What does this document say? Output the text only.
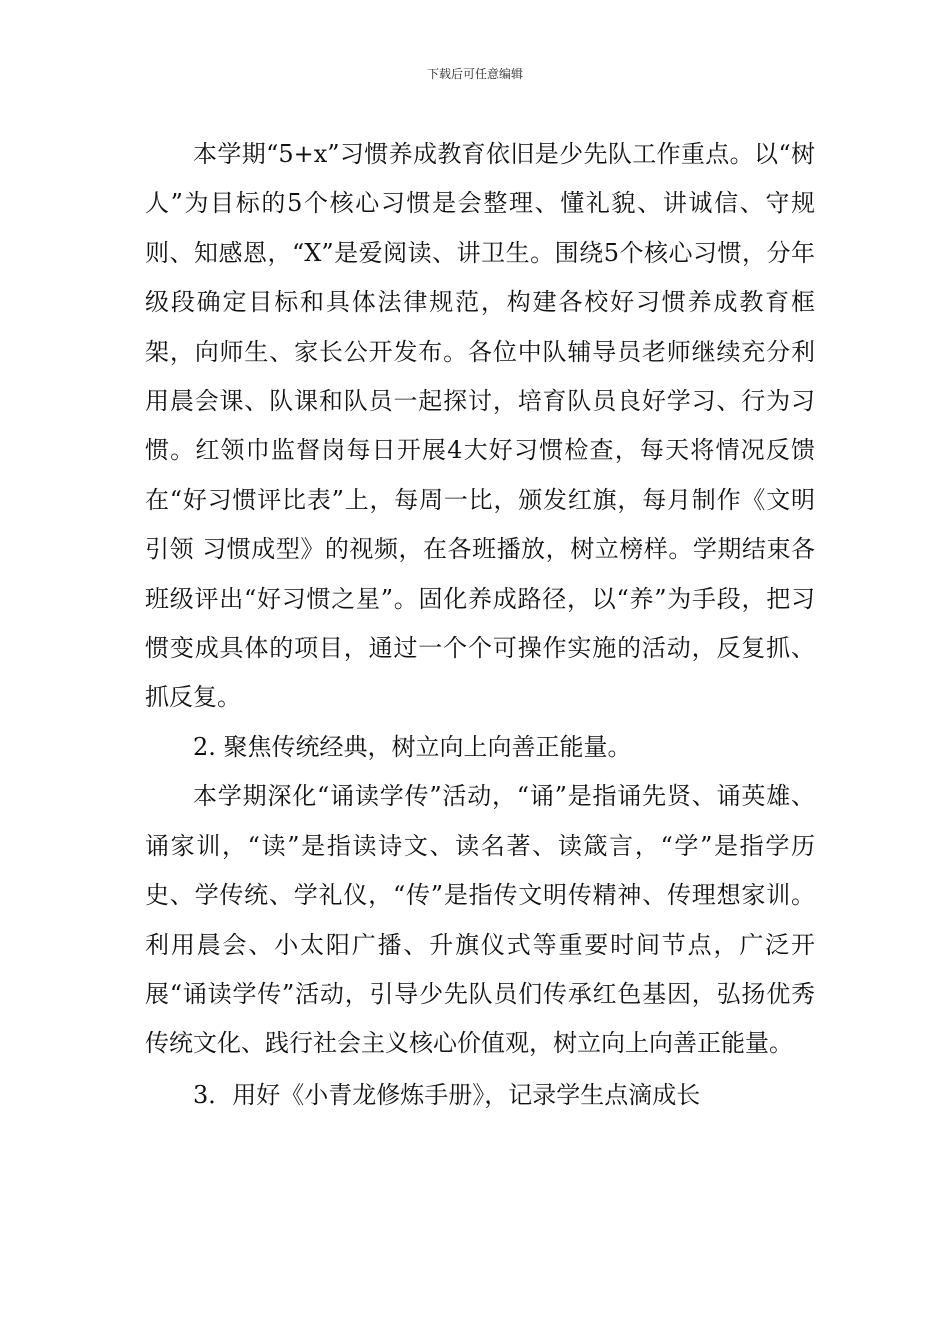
下载后可任意编辑

本学期“5+x”习惯养成教育依旧是少先队工作重点。以“树人”为目标的5个核心习惯是会整理、懂礼貌、讲诚信、守规则、知感恩，“X”是爱阅读、讲卫生。围绕5个核心习惯，分年级段确定目标和具体法律规范，构建各校好习惯养成教育框架，向师生、家长公开发布。各位中队辅导员老师继续充分利用晨会课、队课和队员一起探讨，培育队员良好学习、行为习惯。红领巾监督岗每日开展4大好习惯检查，每天将情况反馈在“好习惯评比表”上，每周一比，颁发红旗，每月制作《文明引领 习惯成型》的视频，在各班播放，树立榜样。学期结束各班级评出“好习惯之星”。固化养成路径，以“养”为手段，把习惯变成具体的项目，通过一个个可操作实施的活动，反复抓、抓反复。

2. 聚焦传统经典，树立向上向善正能量。

本学期深化“诵读学传”活动，“诵”是指诵先贤、诵英雄、诵家训，“读”是指读诗文、读名著、读箴言，“学”是指学历史、学传统、学礼仪，“传”是指传文明传精神、传理想家训。利用晨会、小太阳广播、升旗仪式等重要时间节点，广泛开展“诵读学传”活动，引导少先队员们传承红色基因，弘扬优秀传统文化、践行社会主义核心价值观，树立向上向善正能量。

3．用好《小青龙修炼手册》，记录学生点滴成长
